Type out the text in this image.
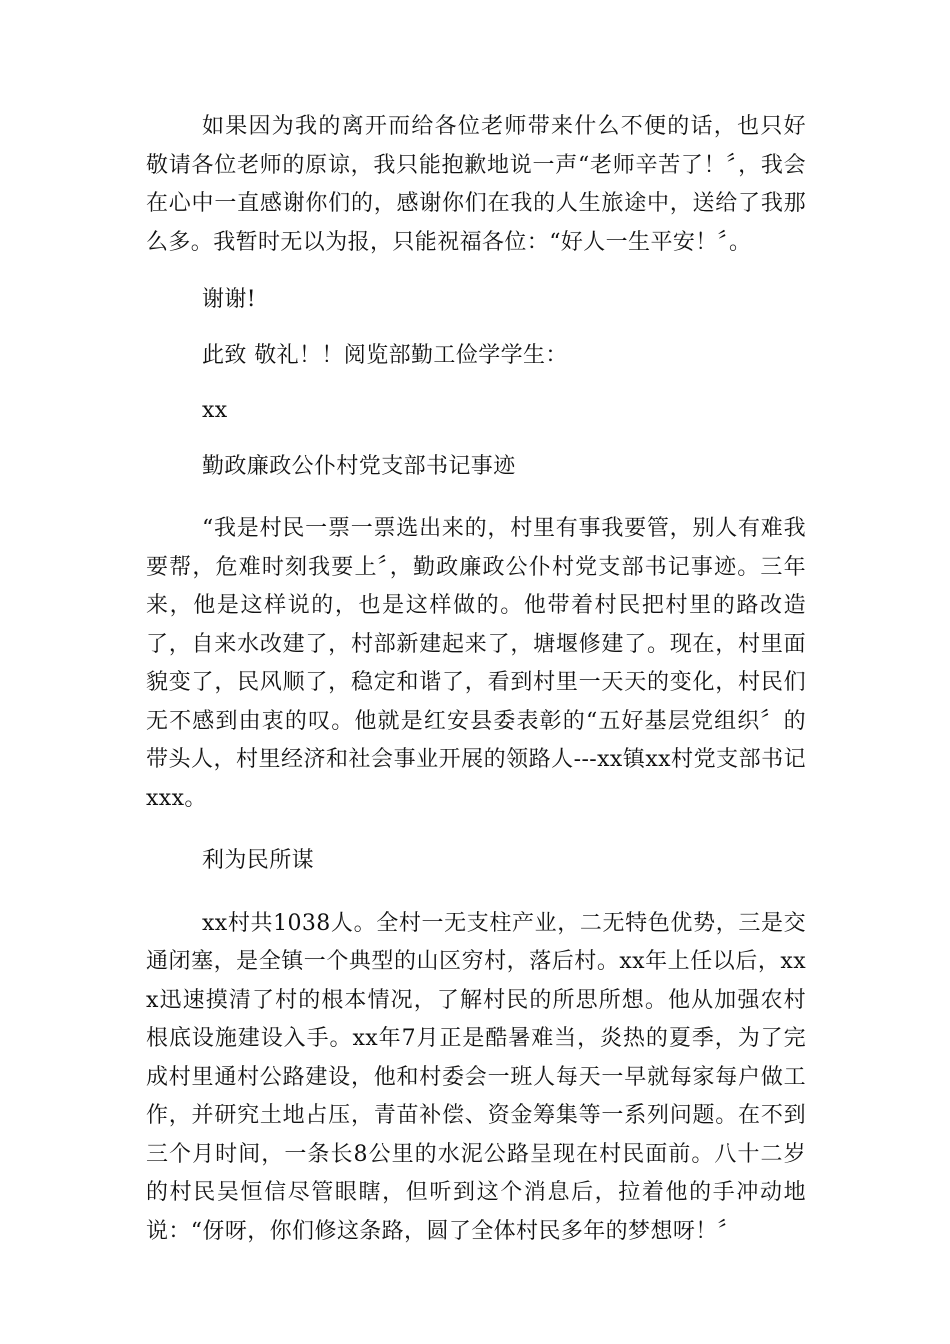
如果因为我的离开而给各位老师带来什么不便的话，也只好敬请各位老师的原谅，我只能抱歉地说一声“老师辛苦了！〞，我会在心中一直感谢你们的，感谢你们在我的人生旅途中，送给了我那么多。我暂时无以为报，只能祝福各位：“好人一生平安！〞。

谢谢!

此致 敬礼！！阅览部勤工俭学学生：

xx

勤政廉政公仆村党支部书记事迹

“我是村民一票一票选出来的，村里有事我要管，别人有难我要帮，危难时刻我要上〞，勤政廉政公仆村党支部书记事迹。三年来，他是这样说的，也是这样做的。他带着村民把村里的路改造了，自来水改建了，村部新建起来了，塘堰修建了。现在，村里面貌变了，民风顺了，稳定和谐了，看到村里一天天的变化，村民们无不感到由衷的叹。他就是红安县委表彰的“五好基层党组织〞的带头人，村里经济和社会事业开展的领路人---xx镇xx村党支部书记xxx。

利为民所谋

xx村共1038人。全村一无支柱产业，二无特色优势，三是交通闭塞，是全镇一个典型的山区穷村，落后村。xx年上任以后，xxx迅速摸清了村的根本情况，了解村民的所思所想。他从加强农村根底设施建设入手。xx年7月正是酷暑难当，炎热的夏季，为了完成村里通村公路建设，他和村委会一班人每天一早就每家每户做工作，并研究土地占压，青苗补偿、资金筹集等一系列问题。在不到三个月时间，一条长8公里的水泥公路呈现在村民面前。八十二岁的村民吴恒信尽管眼瞎，但听到这个消息后，拉着他的手冲动地说：“伢呀，你们修这条路，圆了全体村民多年的梦想呀！〞
